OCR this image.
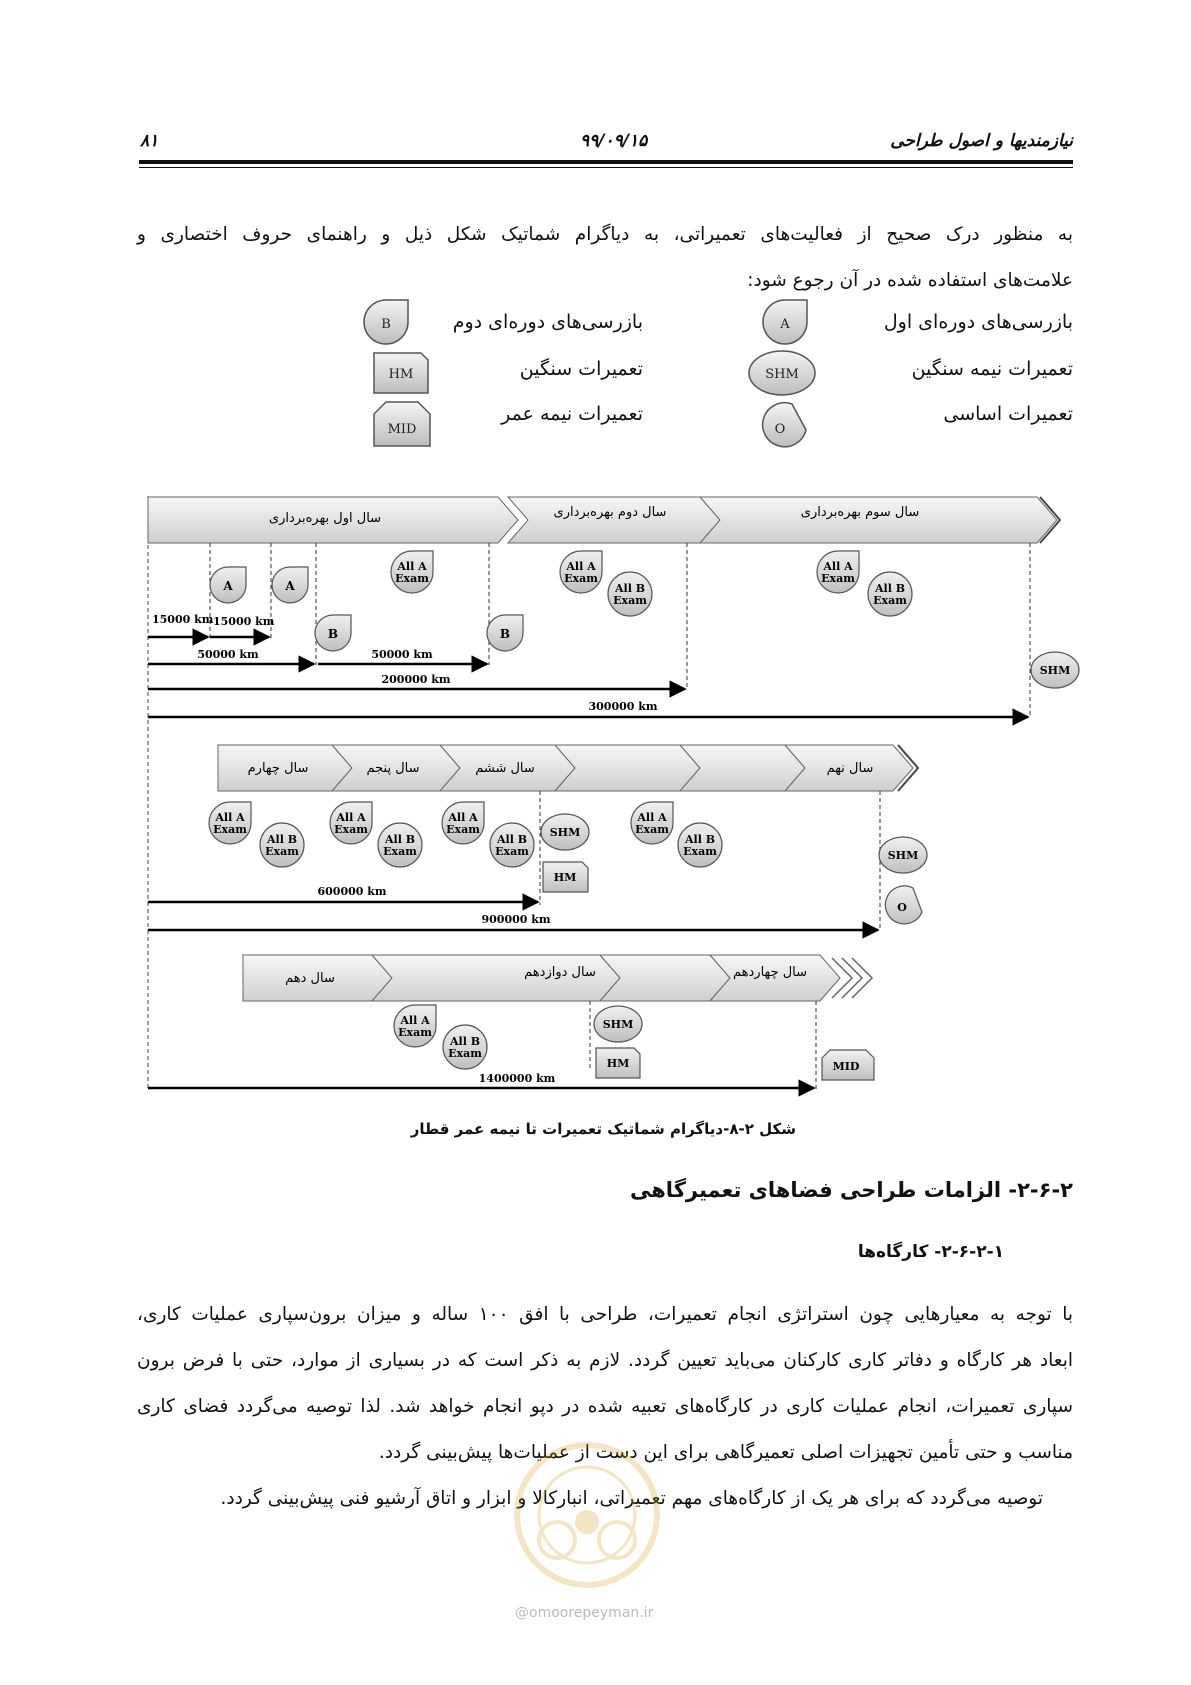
نیازمندیها و اصول طراحی
۹۹/۰۹/۱۵
۸۱
به منظور درک صحیح از فعالیت‌های تعمیراتی، به دیاگرام شماتیک شکل ذیل و راهنمای حروف اختصاری و
علامت‌های استفاده شده در آن رجوع شود:
بازرسی‌های دوره‌ای اول
بازرسی‌های دوره‌ای دوم
تعمیرات نیمه سنگین
تعمیرات سنگین
تعمیرات اساسی
تعمیرات نیمه عمر
B
HM
MID
A
SHM
O
سال اول بهره‌برداری	سال دوم بهره‌برداری	سال سوم بهره‌برداری
15000 km 15000 km
50000 km	50000 km
200000 km
300000 km
A	A
B	B
SHM
All A
Exam
All A
Exam
All A
Exam
All B
Exam
All B
Exam
سال چهارم	سال پنجم	سال ششم	سال نهم
600000 km
900000 km
All A
Exam
All A
Exam
All A
Exam
All A
Exam
All B
Exam
All B
Exam
All B
Exam
All B
Exam
SHM
HM
SHM
O
سال دهم	سال دوازدهم	سال چهاردهم
1400000 km
All A
Exam
All B
Exam
SHM
HM	MID
شکل ۲-۸-دیاگرام شماتیک تعمیرات تا نیمه عمر قطار
۲-۶-۲- الزامات طراحی فضاهای تعمیرگاهی
۲-۶-۲-۱- کارگاه‌ها
با توجه به معیارهایی چون استراتژی انجام تعمیرات، طراحی با افق ۱۰۰ ساله و میزان برون‌سپاری عملیات کاری،
ابعاد هر کارگاه و دفاتر کاری کارکنان می‌باید تعیین گردد. لازم به ذکر است که در بسیاری از موارد، حتی با فرض برون
سپاری تعمیرات، انجام عملیات کاری در کارگاه‌های تعبیه شده در دپو انجام خواهد شد. لذا توصیه می‌گردد فضای کاری
مناسب و حتی تأمین تجهیزات اصلی تعمیرگاهی برای این دست از عملیات‌ها پیش‌بینی گردد.
توصیه می‌گردد که برای هر یک از کارگاه‌های مهم تعمیراتی، انبارکالا و ابزار و اتاق آرشیو فنی پیش‌بینی گردد.
@omoorepeyman.ir
